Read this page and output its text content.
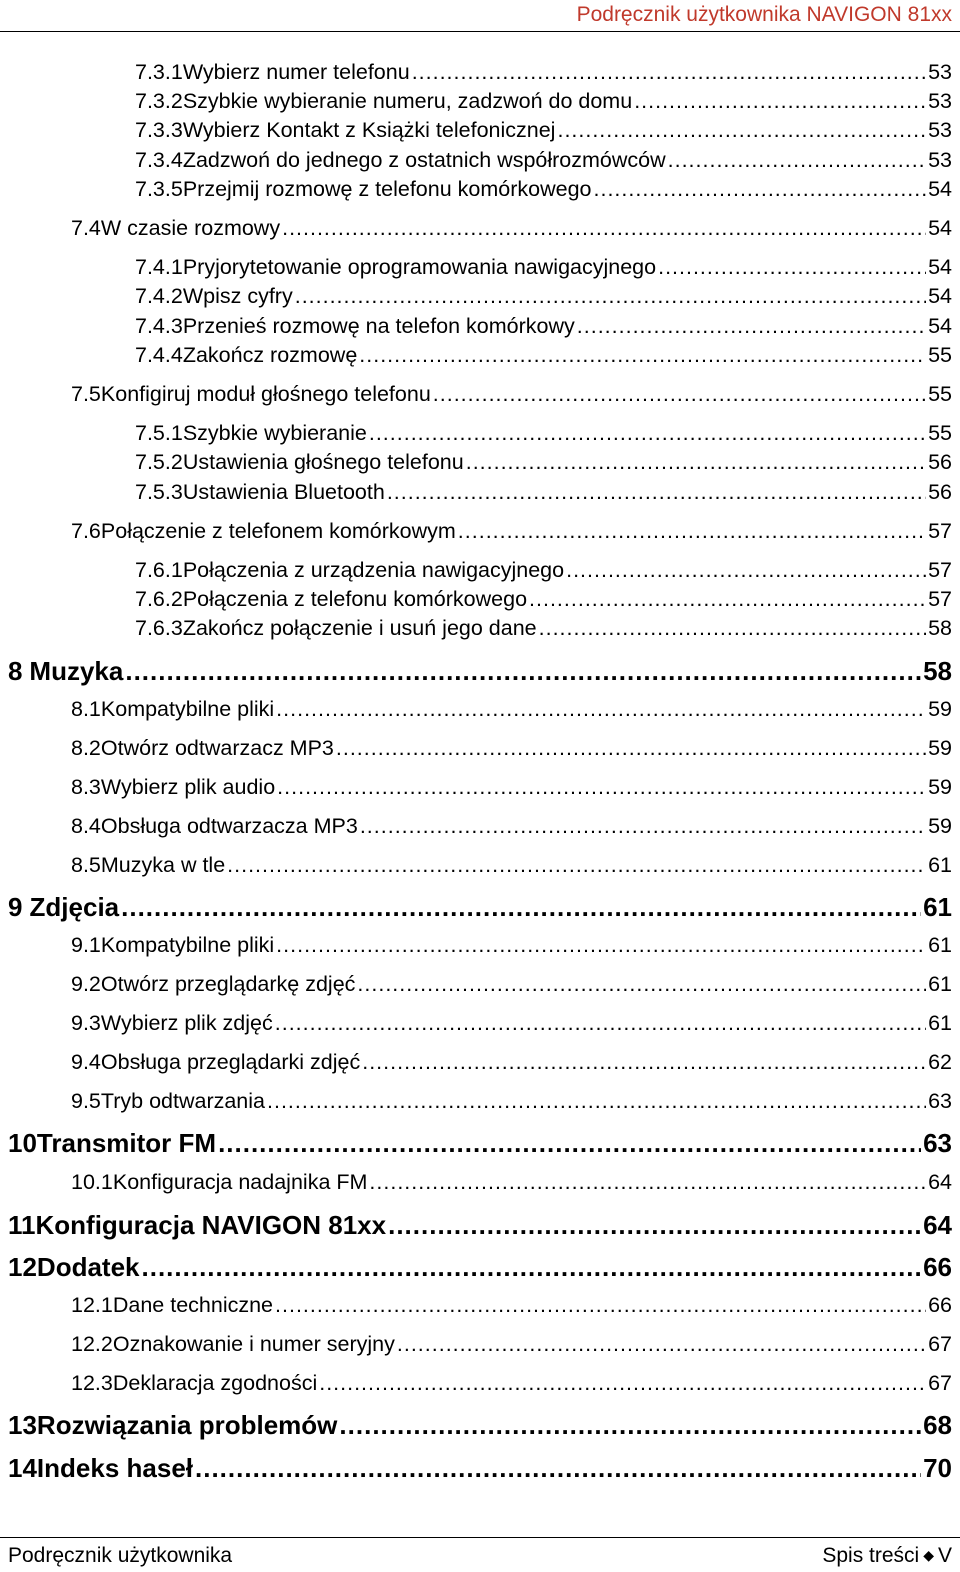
Podręcznik użytkownika NAVIGON 81xx
7.3.1 Wybierz numer telefonu .....	53
7.3.2 Szybkie wybieranie numeru, zadzwoń do domu .....	53
7.3.3 Wybierz Kontakt z Książki telefonicznej .....	53
7.3.4 Zadzwoń do jednego z ostatnich współrozmówców .....	53
7.3.5 Przejmij rozmowę z telefonu komórkowego .....	54
7.4 W czasie rozmowy .....	54
7.4.1 Pryjorytetowanie oprogramowania nawigacyjnego .....	54
7.4.2 Wpisz cyfry .....	54
7.4.3 Przenieś rozmowę na telefon komórkowy .....	54
7.4.4 Zakończ rozmowę .....	55
7.5 Konfigiruj moduł głośnego telefonu .....	55
7.5.1 Szybkie wybieranie .....	55
7.5.2 Ustawienia głośnego telefonu .....	56
7.5.3 Ustawienia Bluetooth .....	56
7.6 Połączenie z telefonem komórkowym .....	57
7.6.1 Połączenia z urządzenia nawigacyjnego .....	57
7.6.2 Połączenia z telefonu komórkowego .....	57
7.6.3 Zakończ połączenie i usuń jego dane .....	58
8 Muzyka .....	58
8.1 Kompatybilne pliki .....	59
8.2 Otwórz odtwarzacz MP3 .....	59
8.3 Wybierz plik audio .....	59
8.4 Obsługa odtwarzacza MP3 .....	59
8.5 Muzyka w tle .....	61
9 Zdjęcia .....	61
9.1 Kompatybilne pliki .....	61
9.2 Otwórz przeglądarkę zdjęć .....	61
9.3 Wybierz plik zdjęć .....	61
9.4 Obsługa przeglądarki zdjęć .....	62
9.5 Tryb odtwarzania .....	63
10 Transmitor FM .....	63
10.1 Konfiguracja nadajnika FM .....	64
11 Konfiguracja NAVIGON 81xx .....	64
12 Dodatek .....	66
12.1 Dane techniczne .....	66
12.2 Oznakowanie i numer seryjny .....	67
12.3 Deklaracja zgodności .....	67
13 Rozwiązania problemów .....	68
14 Indeks haseł .....	70
Podręcznik użytkownika	Spis treści ◆ V
